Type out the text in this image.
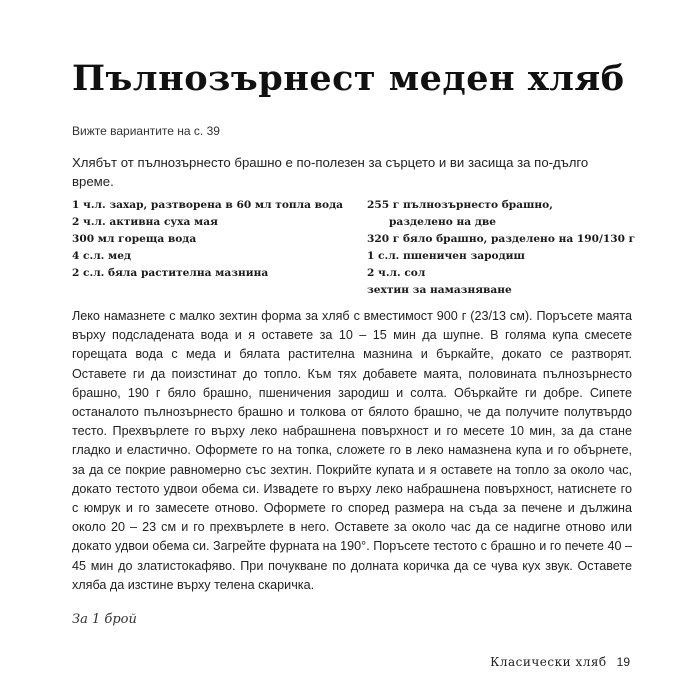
Пълнозърнест меден хляб
Вижте вариантите на с. 39

Хлябът от пълнозърнесто брашно е по-полезен за сърцето и ви засища за по-дълго време.

1 ч.л. захар, разтворена в 60 мл топла вода
2 ч.л. активна суха мая
300 мл гореща вода
4 с.л. мед
2 с.л. бяла растителна мазнина
255 г пълнозърнесто брашно, разделено на две
320 г бяло брашно, разделено на 190/130 г
1 с.л. пшеничен зародиш
2 ч.л. сол
зехтин за намазняване

Леко намазнете с малко зехтин форма за хляб с вместимост 900 г (23/13 см). Поръсете маята върху подсладената вода и я оставете за 10 – 15 мин да шупне. В голяма купа смесете горещата вода с меда и бялата растителна мазнина и бъркайте, докато се разтворят. Оставете ги да поизстинат до топло. Към тях добавете маята, половината пълнозърнесто брашно, 190 г бяло брашно, пшеничения зародиш и солта. Объркайте ги добре. Сипете останалото пълнозърнесто брашно и толкова от бялото брашно, че да получите полутвърдо тесто. Прехвърлете го върху леко набрашнена повърхност и го месете 10 мин, за да стане гладко и еластично. Оформете го на топка, сложете го в леко намазнена купа и го обърнете, за да се покрие равномерно със зехтин. Покрийте купата и я оставете на топло за около час, докато тестото удвои обема си. Извадете го върху леко набрашнена повърхност, натиснете го с юмрук и го замесете отново. Оформете го според размера на съда за печене и дължина около 20 – 23 см и го прехвърлете в него. Оставете за около час да се надигне отново или докато удвои обема си. Загрейте фурната на 190°. Поръсете тестото с брашно и го печете 40 – 45 мин до златистокафяво. При почукване по долната коричка да се чува кух звук. Оставете хляба да изстине върху телена скаричка.

За 1 брой
Класически хляб 19
